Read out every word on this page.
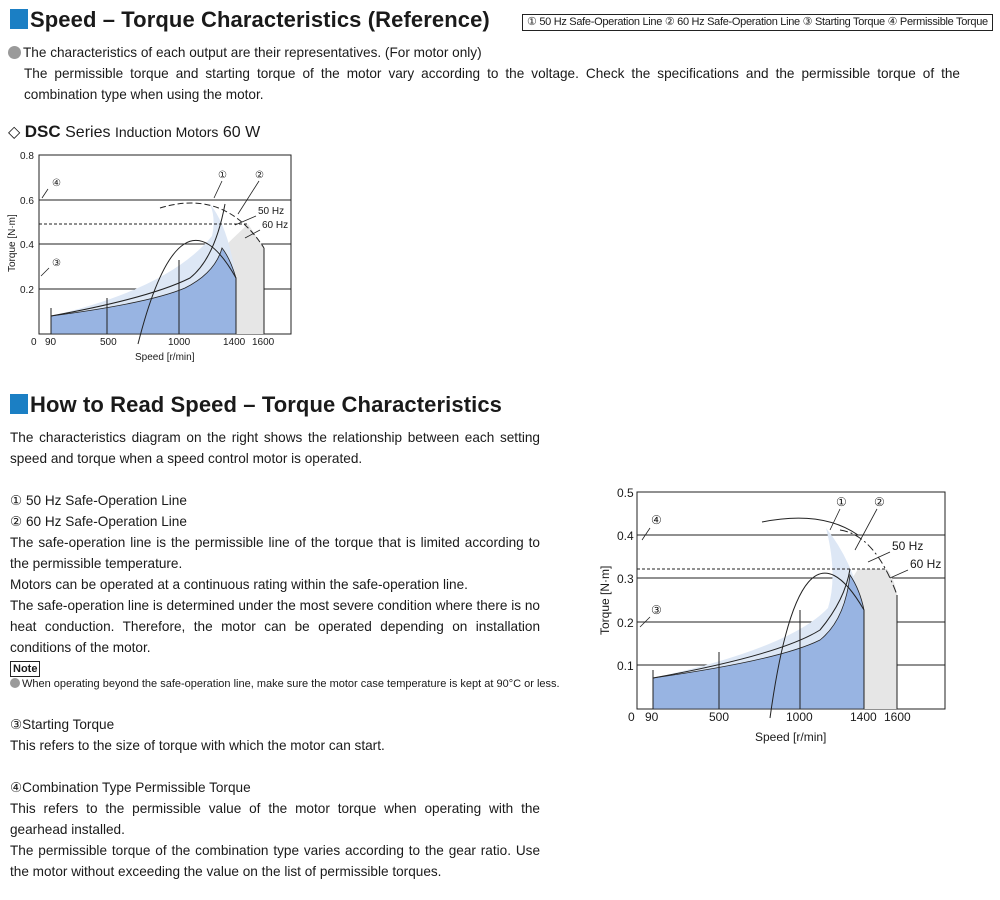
Speed – Torque Characteristics (Reference)	① 50 Hz Safe-Operation Line ② 60 Hz Safe-Operation Line ③ Starting Torque ④ Permissible Torque
The characteristics of each output are their representatives. (For motor only)
The permissible torque and starting torque of the motor vary according to the voltage. Check the specifications and the permissible torque of the combination type when using the motor.
◇ DSC Series Induction Motors 60 W
④
③
①	②
50 Hz
60 Hz
0.8
0.6
0.4
0.2
0 90	500	1000	1400 1600
Speed [r/min]
Torque [N·m]
How to Read Speed – Torque Characteristics
The characteristics diagram on the right shows the relationship between each setting speed and torque when a speed control motor is operated.
① 50 Hz Safe-Operation Line
② 60 Hz Safe-Operation Line
The safe-operation line is the permissible line of the torque that is limited according to the permissible temperature.
Motors can be operated at a continuous rating within the safe-operation line.
The safe-operation line is determined under the most severe condition where there is no heat conduction. Therefore, the motor can be operated depending on installation conditions of the motor.
Note
When operating beyond the safe-operation line, make sure the motor case temperature is kept at 90°C or less.
③Starting Torque
This refers to the size of torque with which the motor can start.
④Combination Type Permissible Torque
This refers to the permissible value of the motor torque when operating with the gearhead installed.
The permissible torque of the combination type varies according to the gear ratio. Use the motor without exceeding the value on the list of permissible torques.
④
③
① ②
50 Hz
60 Hz
0.5
0.4
0.3
0.2
0.1
0 90	500	1000	1400 1600
Speed [r/min]
Torque [N·m]
